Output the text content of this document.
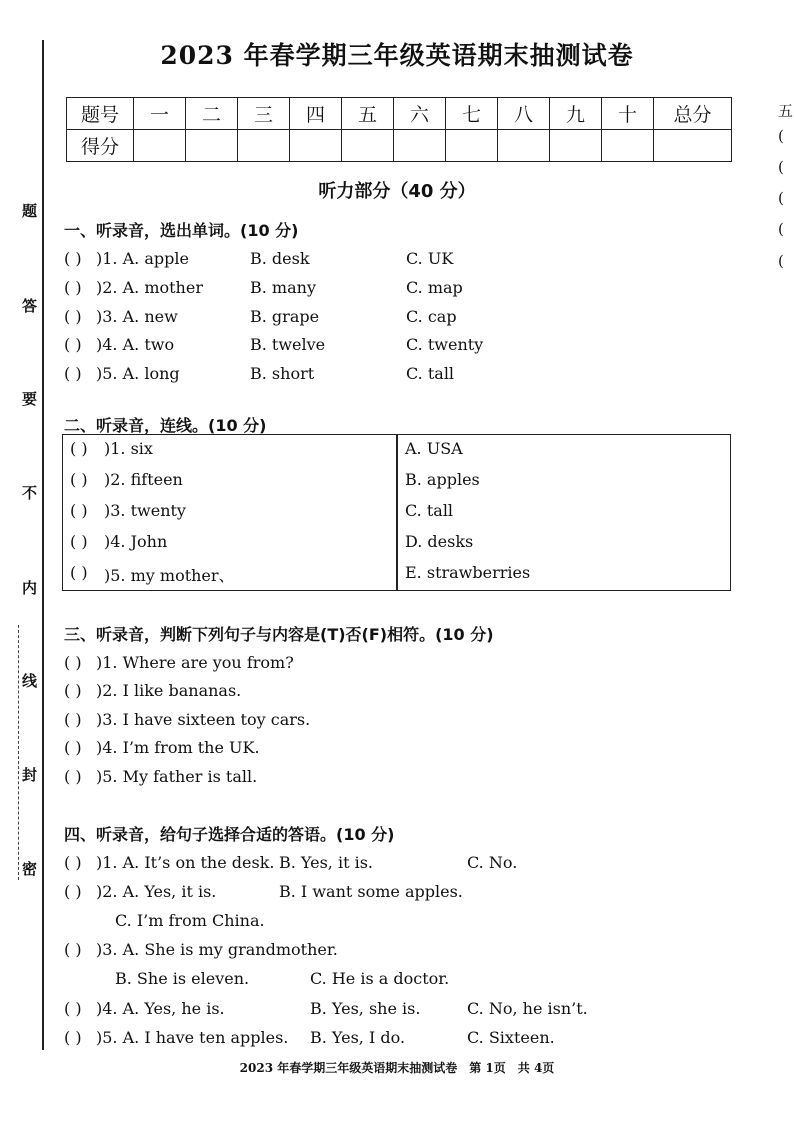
题
答
要
不
内
线
封
密
五
(
(
(
(
(
2023 年春学期三年级英语期末抽测试卷
题号	一	二	三	四	五	六	七	八	九	十	总分
得分											
听力部分（40 分）
一、听录音，选出单词。(10 分)
( ) )1. A. apple	B. desk	C. UK
( ) )2. A. mother	B. many	C. map
( ) )3. A. new	B. grape	C. cap
( ) )4. A. two	B. twelve	C. twenty
( ) )5. A. long	B. short	C. tall
二、听录音，连线。(10 分)
( ) )1. six	A. USA
( ) )2. fifteen	B. apples
( ) )3. twenty	C. tall
( ) )4. John	D. desks
( ) )5. my mother、	E. strawberries
三、听录音，判断下列句子与内容是(T)否(F)相符。(10 分)
( ) )1. Where are you from?
( ) )2. I like bananas.
( ) )3. I have sixteen toy cars.
( ) )4. I’m from the UK.
( ) )5. My father is tall.
四、听录音，给句子选择合适的答语。(10 分)
( ) )1. A. It’s on the desk. B. Yes, it is.	C. No.
( ) )2. A. Yes, it is.	B. I want some apples.
C. I’m from China.
( ) )3. A. She is my grandmother.
B. She is eleven.	C. He is a doctor.
( ) )4. A. Yes, he is.	B. Yes, she is.	C. No, he isn’t.
( ) )5. A. I have ten apples. B. Yes, I do.	C. Sixteen.
2023 年春学期三年级英语期末抽测试卷　第 1页　共 4页
